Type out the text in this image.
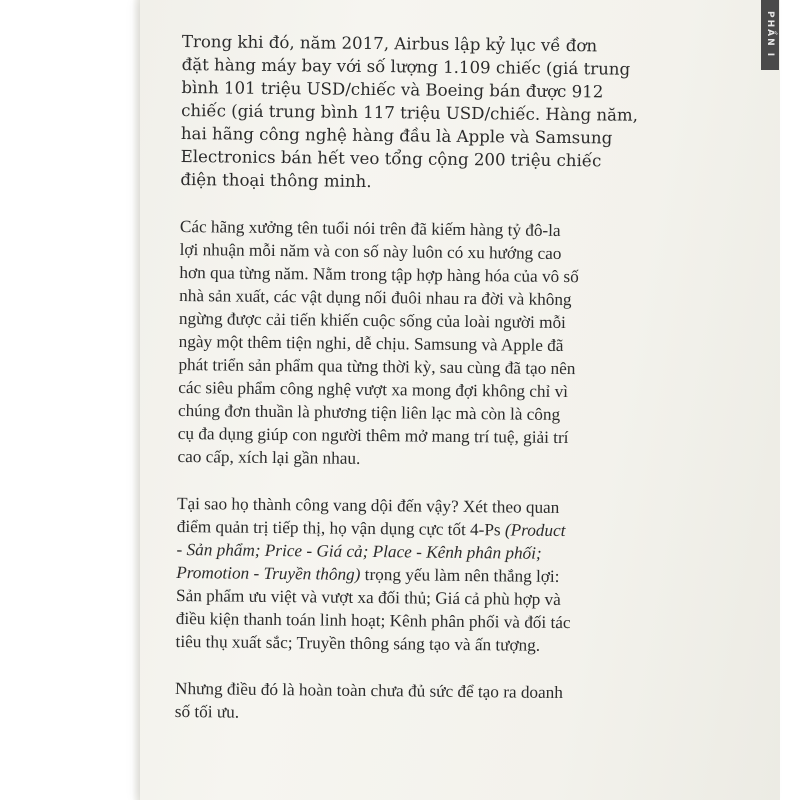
PHẦN I

Trong khi đó, năm 2017, Airbus lập kỷ lục về đơn
đặt hàng máy bay với số lượng 1.109 chiếc (giá trung
bình 101 triệu USD/chiếc và Boeing bán được 912
chiếc (giá trung bình 117 triệu USD/chiếc. Hàng năm,
hai hãng công nghệ hàng đầu là Apple và Samsung
Electronics bán hết veo tổng cộng 200 triệu chiếc
điện thoại thông minh.

Các hãng xưởng tên tuổi nói trên đã kiếm hàng tỷ đô-la
lợi nhuận mỗi năm và con số này luôn có xu hướng cao
hơn qua từng năm. Nằm trong tập hợp hàng hóa của vô số
nhà sản xuất, các vật dụng nối đuôi nhau ra đời và không
ngừng được cải tiến khiến cuộc sống của loài người mỗi
ngày một thêm tiện nghi, dễ chịu. Samsung và Apple đã
phát triển sản phẩm qua từng thời kỳ, sau cùng đã tạo nên
các siêu phẩm công nghệ vượt xa mong đợi không chỉ vì
chúng đơn thuần là phương tiện liên lạc mà còn là công
cụ đa dụng giúp con người thêm mở mang trí tuệ, giải trí
cao cấp, xích lại gần nhau.

Tại sao họ thành công vang dội đến vậy? Xét theo quan
điểm quản trị tiếp thị, họ vận dụng cực tốt 4-Ps (Product
- Sản phẩm; Price - Giá cả; Place - Kênh phân phối;
Promotion - Truyền thông) trọng yếu làm nên thắng lợi:
Sản phẩm ưu việt và vượt xa đối thủ; Giá cả phù hợp và
điều kiện thanh toán linh hoạt; Kênh phân phối và đối tác
tiêu thụ xuất sắc; Truyền thông sáng tạo và ấn tượng.

Nhưng điều đó là hoàn toàn chưa đủ sức để tạo ra doanh
số tối ưu.
